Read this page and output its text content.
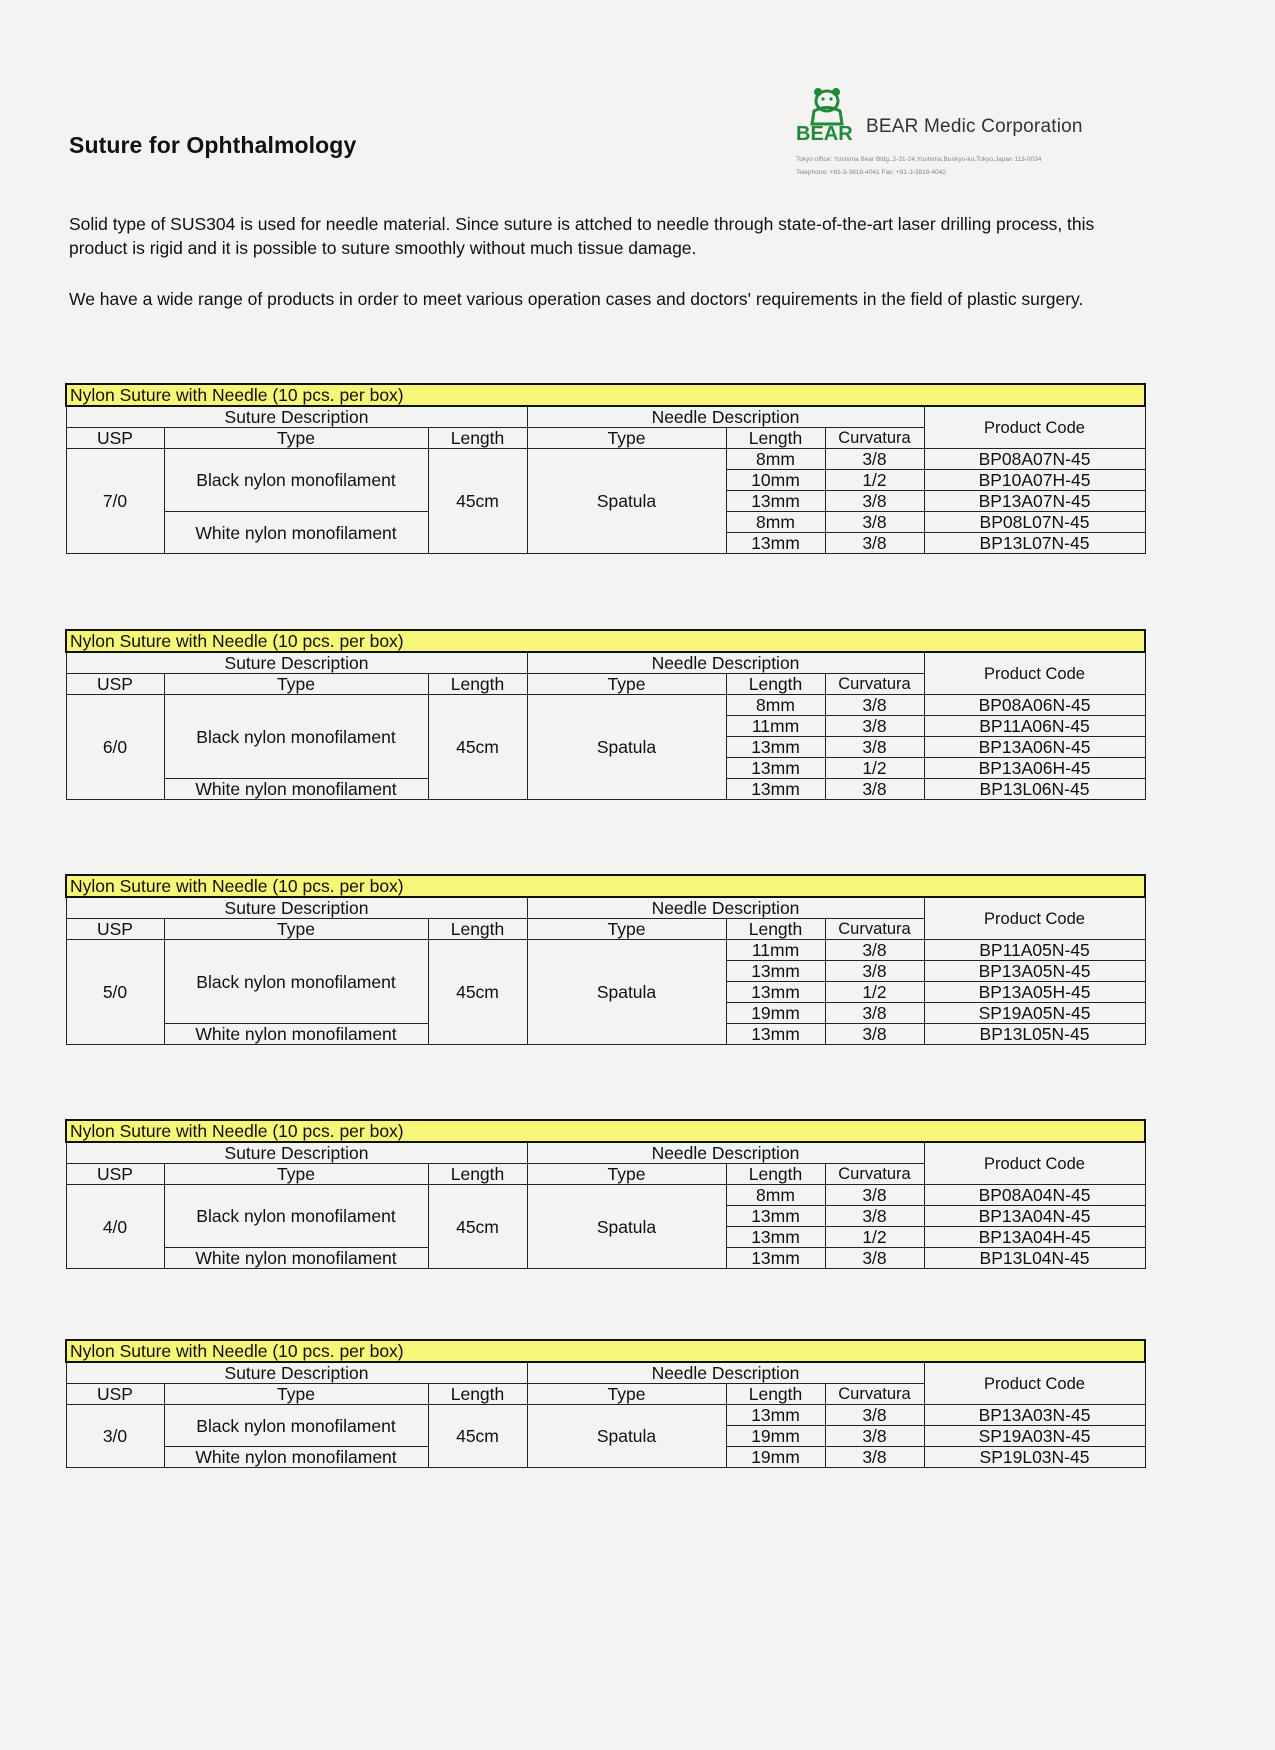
Suture for Ophthalmology	BEAR BEAR Medic Corporation
Tokyo office: Yushima Bear Bldg.,2-31-24,Yushima,Bunkyo-ku,Tokyo,Japan 113-0034
Telephone: +81-3-3818-4041 Fax: +81-3-3818-4042

Solid type of SUS304 is used for needle material. Since suture is attched to needle through state-of-the-art laser drilling process, this product is rigid and it is possible to suture smoothly without much tissue damage.

We have a wide range of products in order to meet various operation cases and doctors' requirements in the field of plastic surgery.

Nylon Suture with Needle (10 pcs. per box)						
Suture Description			Needle Description			Product Code
USP	Type	Length	Type	Length	Curvatura	
7/0	Black nylon monofilament	45cm	Spatula	8mm	3/8	BP08A07N-45
				10mm	1/2	BP10A07H-45
				13mm	3/8	BP13A07N-45
	White nylon monofilament			8mm	3/8	BP08L07N-45
				13mm	3/8	BP13L07N-45
Nylon Suture with Needle (10 pcs. per box)						
Suture Description			Needle Description			Product Code
USP	Type	Length	Type	Length	Curvatura	
6/0	Black nylon monofilament	45cm	Spatula	8mm	3/8	BP08A06N-45
				11mm	3/8	BP11A06N-45
				13mm	3/8	BP13A06N-45
				13mm	1/2	BP13A06H-45
	White nylon monofilament			13mm	3/8	BP13L06N-45
Nylon Suture with Needle (10 pcs. per box)						
Suture Description			Needle Description			Product Code
USP	Type	Length	Type	Length	Curvatura	
5/0	Black nylon monofilament	45cm	Spatula	11mm	3/8	BP11A05N-45
				13mm	3/8	BP13A05N-45
				13mm	1/2	BP13A05H-45
				19mm	3/8	SP19A05N-45
	White nylon monofilament			13mm	3/8	BP13L05N-45
Nylon Suture with Needle (10 pcs. per box)						
Suture Description			Needle Description			Product Code
USP	Type	Length	Type	Length	Curvatura	
4/0	Black nylon monofilament	45cm	Spatula	8mm	3/8	BP08A04N-45
				13mm	3/8	BP13A04N-45
				13mm	1/2	BP13A04H-45
	White nylon monofilament			13mm	3/8	BP13L04N-45
Nylon Suture with Needle (10 pcs. per box)						
Suture Description			Needle Description			Product Code
USP	Type	Length	Type	Length	Curvatura	
3/0	Black nylon monofilament	45cm	Spatula	13mm	3/8	BP13A03N-45
				19mm	3/8	SP19A03N-45
	White nylon monofilament			19mm	3/8	SP19L03N-45
